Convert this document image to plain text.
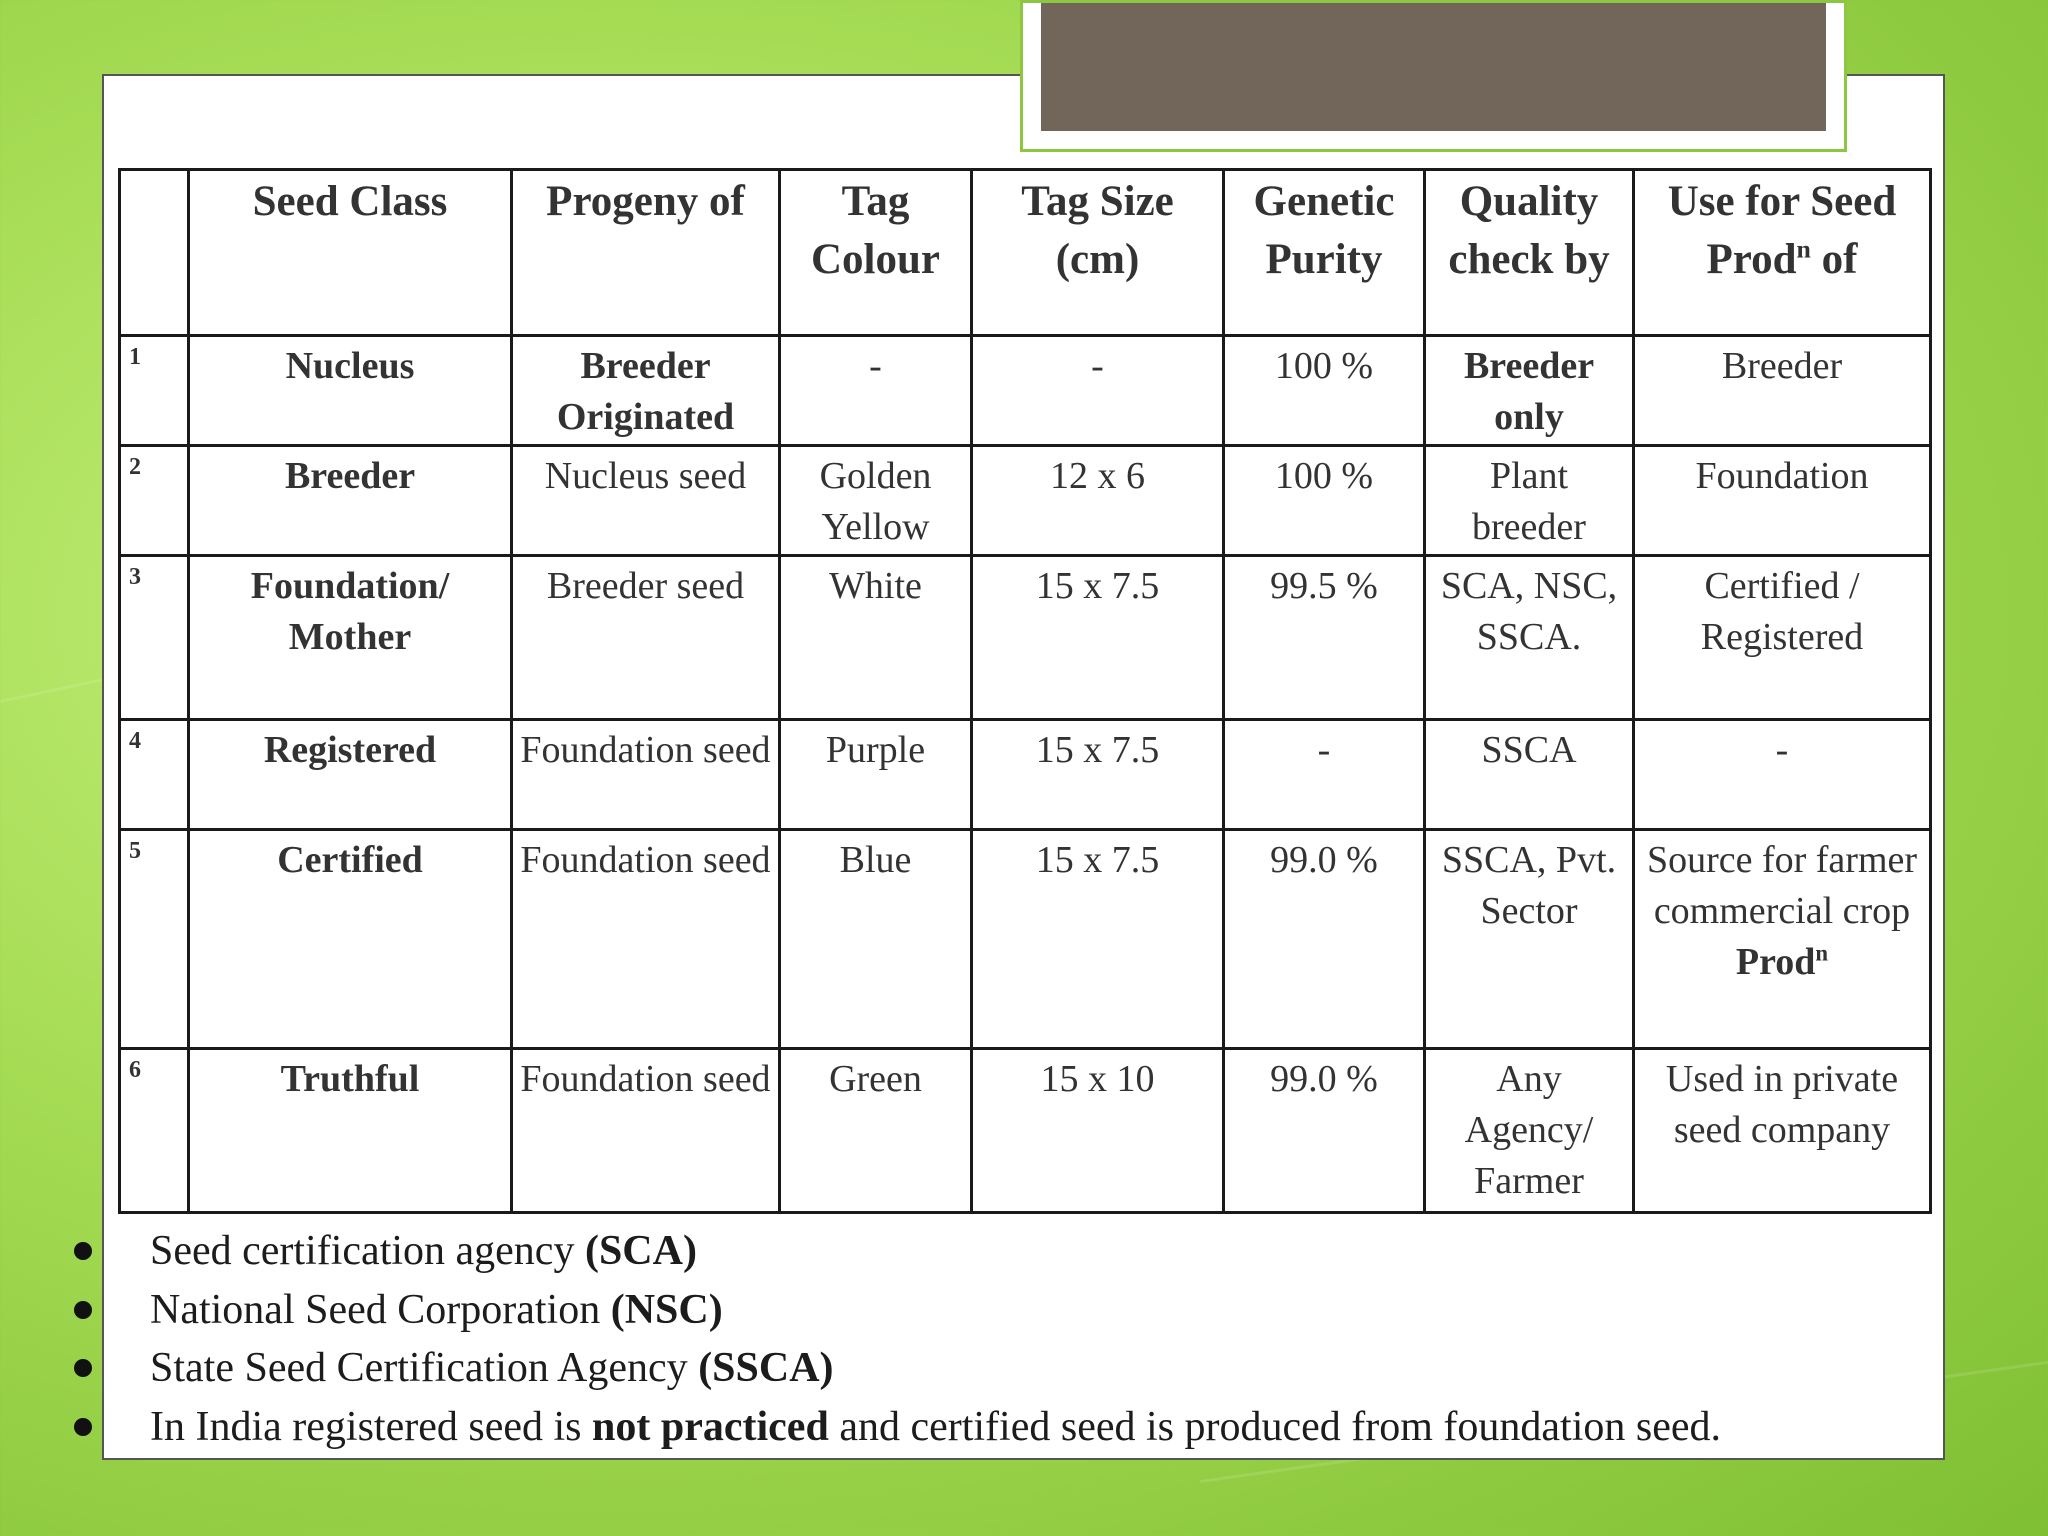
	Seed Class	Progeny of	Tag Colour	Tag Size (cm)	Genetic Purity	Quality check by	Use for Seed Prod$^n$ of
1	Nucleus	Breeder Originated	-	-	100 %	Breeder only	Breeder
2	Breeder	Nucleus seed	Golden Yellow	12 x 6	100 %	Plant breeder	Foundation
3	Foundation/ Mother	Breeder seed	White	15 x 7.5	99.5 %	SCA, NSC, SSCA.	Certified / Registered
4	Registered	Foundation seed	Purple	15 x 7.5	-	SSCA	-
5	Certified	Foundation seed	Blue	15 x 7.5	99.0 %	SSCA, Pvt. Sector	Source for farmer commercial crop Prod$^n$
6	Truthful	Foundation seed	Green	15 x 10	99.0 %	Any Agency/ Farmer	Used in private seed company
Seed certification agency (SCA)
National Seed Corporation (NSC)
State Seed Certification Agency (SSCA)
In India registered seed is not practiced and certified seed is produced from foundation seed.
